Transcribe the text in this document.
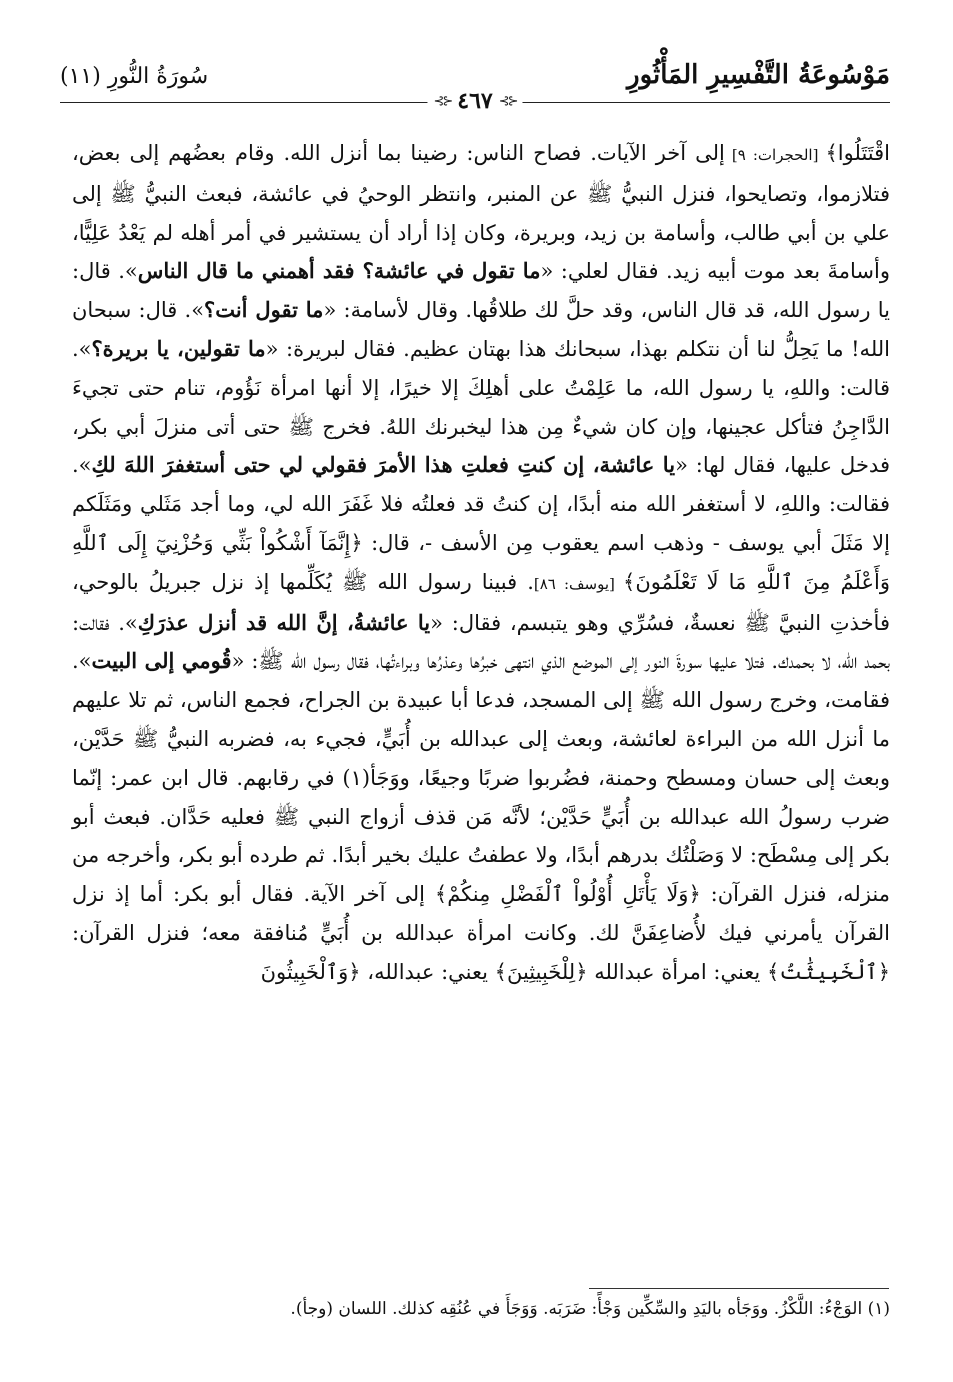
مَوْسُوعَةُ التَّفْسِيرِ المَأْثُورِ
سُورَةُ النُّورِ (١١)
⊰⊱ ٤٦٧ ⊰⊱
اقْتَتَلُوا﴾ [الحجرات: ٩] إلى آخر الآيات. فصاح الناس: رضينا بما أنزل الله. وقام بعضُهم إلى بعض، فتلازموا، وتصايحوا، فنزل النبيُّ ﷺ عن المنبر، وانتظر الوحيُ في عائشة، فبعث النبيُّ ﷺ إلى علي بن أبي طالب، وأسامة بن زيد، وبريرة، وكان إذا أراد أن يستشير في أمر أهله لم يَعْدُ عَلِيًّا، وأسامةَ بعد موت أبيه زيد. فقال لعلي: «ما تقول في عائشة؟ فقد أهمني ما قال الناس». قال: يا رسول الله، قد قال الناس، وقد حلَّ لك طلاقُها. وقال لأسامة: «ما تقول أنت؟». قال: سبحان الله! ما يَحِلُّ لنا أن نتكلم بهذا، سبحانك هذا بهتان عظيم. فقال لبريرة: «ما تقولين، يا بريرة؟». قالت: واللهِ، يا رسول الله، ما عَلِمْتُ على أهلِكَ إلا خيرًا، إلا أنها امرأة نَؤُوم، تنام حتى تجيءَ الدَّاجِنُ فتأكل عجينها، وإن كان شيءٌ مِن هذا ليخبرنك اللهُ. فخرج ﷺ حتى أتى منزلَ أبي بكر، فدخل عليها، فقال لها: «يا عائشة، إن كنتِ فعلتِ هذا الأمرَ فقولي لي حتى أستغفرَ اللهَ لكِ». فقالت: واللهِ، لا أستغفر الله منه أبدًا، إن كنتُ قد فعلتُه فلا غَفَرَ الله لي، وما أجد مَثَلي ومَثَلَكم إلا مَثَلَ أبي يوسف - وذهب اسم يعقوب مِن الأسف -، قال: ﴿إِنَّمَآ أَشْكُواْ بَثِّي وَحُزْنِيٓ إِلَى ٱللَّهِ وَأَعْلَمُ مِنَ ٱللَّهِ مَا لَا تَعْلَمُونَ﴾ [يوسف: ٨٦]. فبينا رسول الله ﷺ يُكَلِّمها إذ نزل جبريلُ بالوحي، فأخذتِ النبيَّ ﷺ نعسةٌ، فسُرِّي وهو يتبسم، فقال: «يا عائشةُ، إنَّ الله قد أنزل عذرَكِ». فقالت: بحمد الله، لا بحمدك. فتلا عليها سورةَ النور إلى الموضع الذي انتهى خبرُها وعذرُها وبراءتُها، فقال رسول الله ﷺ: «قُومي إلى البيت». فقامت، وخرج رسول الله ﷺ إلى المسجد، فدعا أبا عبيدة بن الجراح، فجمع الناس، ثم تلا عليهم ما أنزل الله من البراءة لعائشة، وبعث إلى عبدالله بن أُبَيٍّ، فجيء به، فضربه النبيُّ ﷺ حَدَّيْن، وبعث إلى حسان ومسطح وحمنة، فضُربوا ضربًا وجيعًا، ووَجَأ(١) في رقابهم. قال ابن عمر: إنّما ضرب رسولُ الله عبدالله بن أُبَيٍّ حَدَّيْن؛ لأنَّه مَن قذف أزواج النبي ﷺ فعليه حَدَّان. فبعث أبو بكر إلى مِسْطَح: لا وَصَلْتُك بدرهم أبدًا، ولا عطفتُ عليك بخير أبدًا. ثم طرده أبو بكر، وأخرجه من منزله، فنزل القرآن: ﴿وَلَا يَأْتَلِ أُوْلُواْ ٱلْفَضْلِ مِنكُمْ﴾ إلى آخر الآية. فقال أبو بكر: أما إذ نزل القرآن يأمرني فيك لأُضاعِفَنَّ لك. وكانت امرأة عبدالله بن أُبَيٍّ مُنافقة معه؛ فنزل القرآن: ﴿ٱلْخَبِيثَٰتُ﴾ يعني: امرأة عبدالله ﴿لِلْخَبِيثِينَ﴾ يعني: عبدالله، ﴿وَٱلْخَبِيثُونَ
(١) الوَجْءُ: اللَّكْزُ. ووَجَأه باليَدِ والسِّكِّين وَجْأً: ضَرَبَه. وَوَجَأَ في عُنُقِه كذلك. اللسان (وجأ).
